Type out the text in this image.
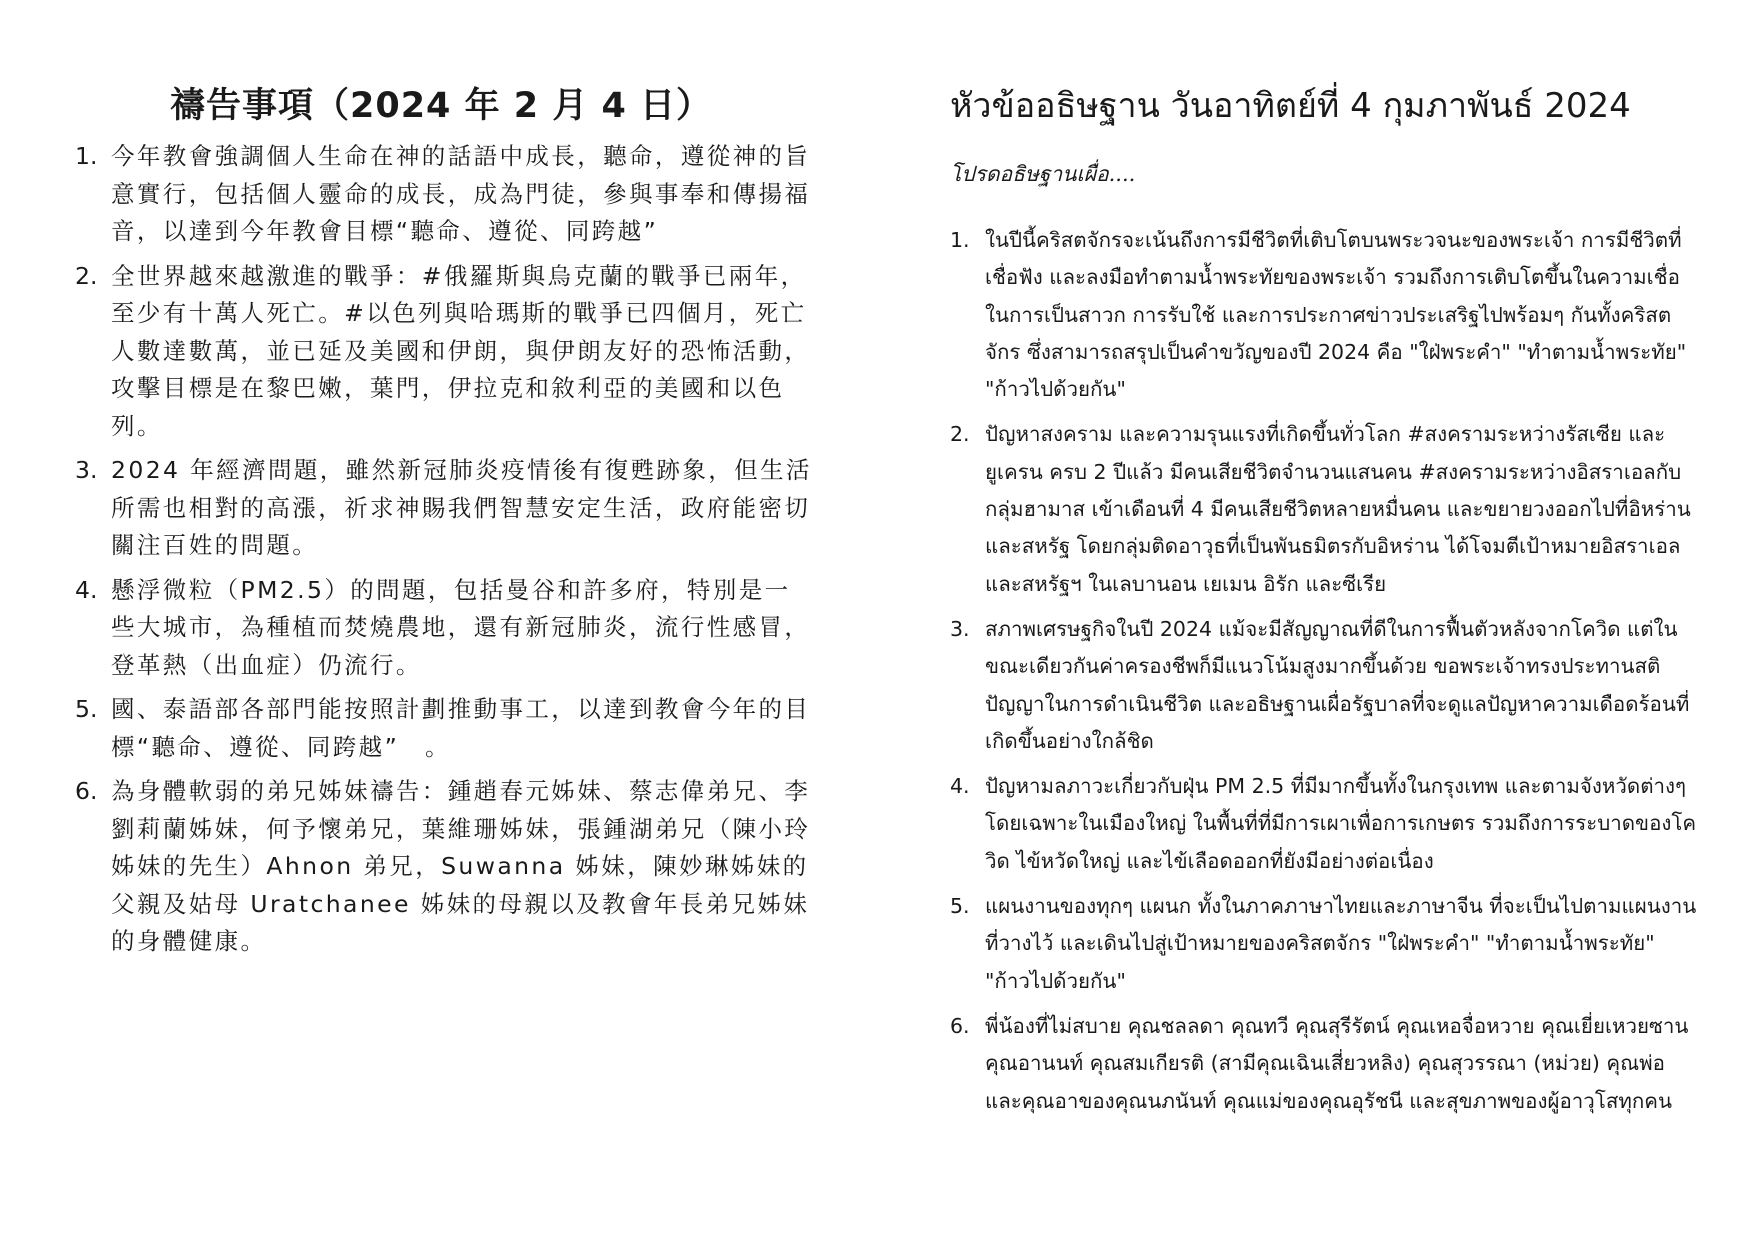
禱告事項（2024 年 2 月 4 日）
1. 今年教會強調個人生命在神的話語中成長，聽命，遵從神的旨意實行，包括個人靈命的成長，成為門徒，參與事奉和傳揚福音，以達到今年教會目標“聽命、遵從、同跨越”
2. 全世界越來越激進的戰爭：#俄羅斯與烏克蘭的戰爭已兩年，至少有十萬人死亡。#以色列與哈瑪斯的戰爭已四個月，死亡人數達數萬，並已延及美國和伊朗，與伊朗友好的恐怖活動，攻擊目標是在黎巴嫩，葉門，伊拉克和敘利亞的美國和以色列。
3. 2024 年經濟問題，雖然新冠肺炎疫情後有復甦跡象，但生活所需也相對的高漲，祈求神賜我們智慧安定生活，政府能密切關注百姓的問題。
4. 懸浮微粒（PM2.5）的問題，包括曼谷和許多府，特別是一些大城市，為種植而焚燒農地，還有新冠肺炎，流行性感冒，登革熱（出血症）仍流行。
5. 國、泰語部各部門能按照計劃推動事工，以達到教會今年的目標“聽命、遵從、同跨越”　。
6. 為身體軟弱的弟兄姊妹禱告：鍾趙春元姊妹、蔡志偉弟兄、李劉莉蘭姊妹，何予懷弟兄，葉維珊姊妹，張鍾湖弟兄（陳小玲姊妹的先生）Ahnon 弟兄，Suwanna 姊妹，陳妙琳姊妹的父親及姑母 Uratchanee 姊妹的母親以及教會年長弟兄姊妹的身體健康。
หัวข้ออธิษฐาน วันอาทิตย์ที่ 4 กุมภาพันธ์ 2024

โปรดอธิษฐานเผื่อ....

1. ในปีนี้คริสตจักรจะเน้นถึงการมีชีวิตที่เติบโตบนพระวจนะของพระเจ้า การมีชีวิตที่เชื่อฟัง และลงมือทำตามน้ำพระทัยของพระเจ้า รวมถึงการเติบโตขึ้นในความเชื่อ ในการเป็นสาวก การรับใช้ และการประกาศข่าวประเสริฐไปพร้อมๆ กันทั้งคริสตจักร ซึ่งสามารถสรุปเป็นคำขวัญของปี 2024 คือ "ใฝ่พระคำ" "ทำตามน้ำพระทัย" "ก้าวไปด้วยกัน"
2. ปัญหาสงคราม และความรุนแรงที่เกิดขึ้นทั่วโลก #สงครามระหว่างรัสเซีย และยูเครน ครบ 2 ปีแล้ว มีคนเสียชีวิตจำนวนแสนคน #สงครามระหว่างอิสราเอลกับกลุ่มฮามาส เข้าเดือนที่ 4 มีคนเสียชีวิตหลายหมื่นคน และขยายวงออกไปที่อิหร่านและสหรัฐ โดยกลุ่มติดอาวุธที่เป็นพันธมิตรกับอิหร่าน ได้โจมตีเป้าหมายอิสราเอลและสหรัฐฯ ในเลบานอน เยเมน อิรัก และซีเรีย
3. สภาพเศรษฐกิจในปี 2024 แม้จะมีสัญญาณที่ดีในการฟื้นตัวหลังจากโควิด แต่ในขณะเดียวกันค่าครองชีพก็มีแนวโน้มสูงมากขึ้นด้วย ขอพระเจ้าทรงประทานสติปัญญาในการดำเนินชีวิต และอธิษฐานเผื่อรัฐบาลที่จะดูแลปัญหาความเดือดร้อนที่เกิดขึ้นอย่างใกล้ชิด
4. ปัญหามลภาวะเกี่ยวกับฝุ่น PM 2.5 ที่มีมากขึ้นทั้งในกรุงเทพ และตามจังหวัดต่างๆ โดยเฉพาะในเมืองใหญ่ ในพื้นที่ที่มีการเผาเพื่อการเกษตร รวมถึงการระบาดของโควิด ไข้หวัดใหญ่ และไข้เลือดออกที่ยังมีอย่างต่อเนื่อง
5. แผนงานของทุกๆ แผนก ทั้งในภาคภาษาไทยและภาษาจีน ที่จะเป็นไปตามแผนงานที่วางไว้ และเดินไปสู่เป้าหมายของคริสตจักร "ใฝ่พระคำ" "ทำตามน้ำพระทัย" "ก้าวไปด้วยกัน"
6. พี่น้องที่ไม่สบาย คุณชลลดา คุณทวี คุณสุรีรัตน์ คุณเหอจื่อหวาย คุณเยี่ยเหวยซาน คุณอานนท์ คุณสมเกียรติ (สามีคุณเฉินเสี่ยวหลิง) คุณสุวรรณา (หม่วย) คุณพ่อและคุณอาของคุณนภนันท์ คุณแม่ของคุณอุรัชนี และสุขภาพของผู้อาวุโสทุกคน
